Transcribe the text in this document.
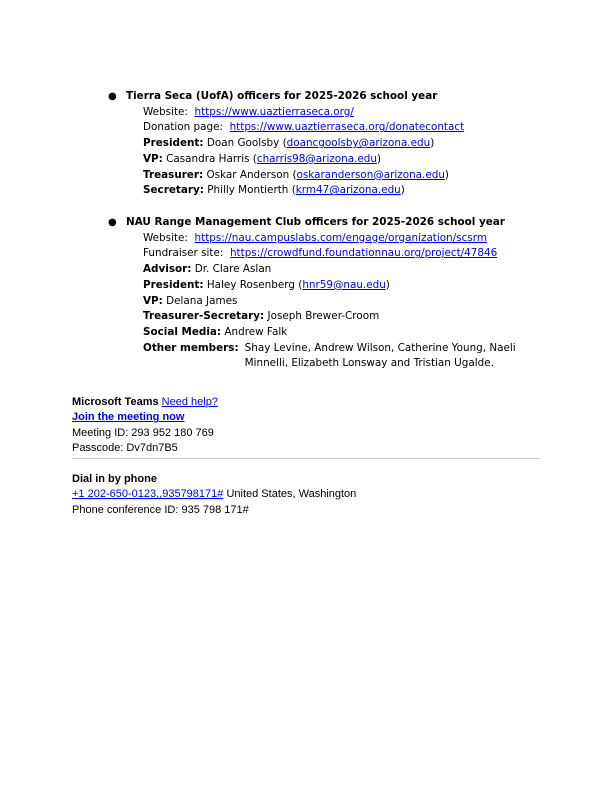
● Tierra Seca (UofA) officers for 2025-2026 school year
Website: https://www.uaztierraseca.org/
Donation page: https://www.uaztierraseca.org/donatecontact
President: Doan Goolsby (doancgoolsby@arizona.edu)
VP: Casandra Harris (charris98@arizona.edu)
Treasurer: Oskar Anderson (oskaranderson@arizona.edu)
Secretary: Philly Montierth (krm47@arizona.edu)
● NAU Range Management Club officers for 2025-2026 school year
Website: https://nau.campuslabs.com/engage/organization/scsrm
Fundraiser site: https://crowdfund.foundationnau.org/project/47846
Advisor: Dr. Clare Aslan
President: Haley Rosenberg (hnr59@nau.edu)
VP: Delana James
Treasurer-Secretary: Joseph Brewer-Croom
Social Media: Andrew Falk
Other members: Shay Levine, Andrew Wilson, Catherine Young, Naeli Minnelli, Elizabeth Lonsway and Tristian Ugalde.
Microsoft Teams Need help?
Join the meeting now
Meeting ID: 293 952 180 769
Passcode: Dv7dn7B5
Dial in by phone
+1 202-650-0123,,935798171# United States, Washington
Phone conference ID: 935 798 171#
